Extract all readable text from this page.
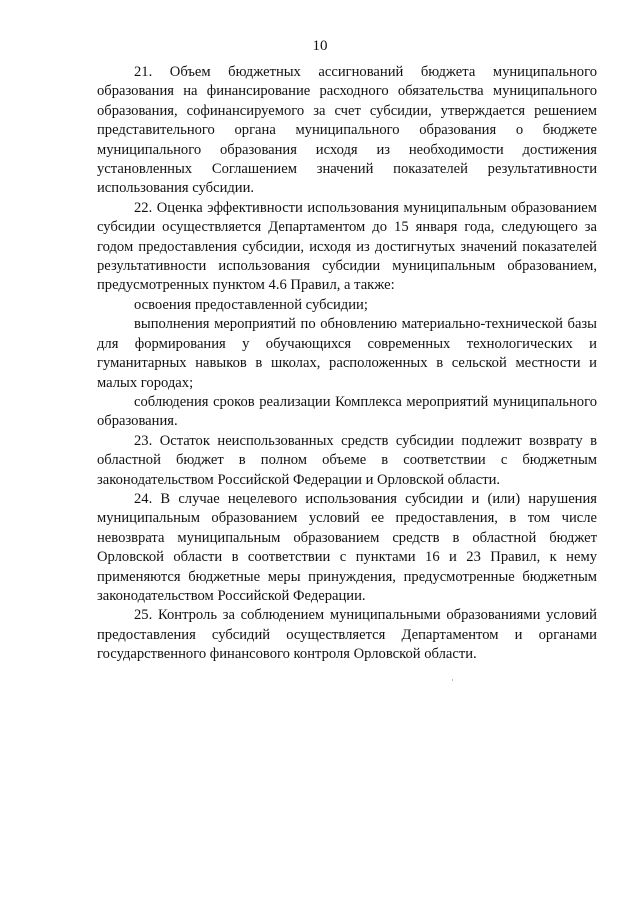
10

21. Объем бюджетных ассигнований бюджета муниципального образования на финансирование расходного обязательства муниципального образования, софинансируемого за счет субсидии, утверждается решением представительного органа муниципального образования о бюджете муниципального образования исходя из необходимости достижения установленных Соглашением значений показателей результативности использования субсидии.

22. Оценка эффективности использования муниципальным образованием субсидии осуществляется Департаментом до 15 января года, следующего за годом предоставления субсидии, исходя из достигнутых значений показателей результативности использования субсидии муниципальным образованием, предусмотренных пунктом 4.6 Правил, а также:

освоения предоставленной субсидии;

выполнения мероприятий по обновлению материально-технической базы для формирования у обучающихся современных технологических и гуманитарных навыков в школах, расположенных в сельской местности и малых городах;

соблюдения сроков реализации Комплекса мероприятий муниципального образования.

23. Остаток неиспользованных средств субсидии подлежит возврату в областной бюджет в полном объеме в соответствии с бюджетным законодательством Российской Федерации и Орловской области.

24. В случае нецелевого использования субсидии и (или) нарушения муниципальным образованием условий ее предоставления, в том числе невозврата муниципальным образованием средств в областной бюджет Орловской области в соответствии с пунктами 16 и 23 Правил, к нему применяются бюджетные меры принуждения, предусмотренные бюджетным законодательством Российской Федерации.

25. Контроль за соблюдением муниципальными образованиями условий предоставления субсидий осуществляется Департаментом и органами государственного финансового контроля Орловской области.
